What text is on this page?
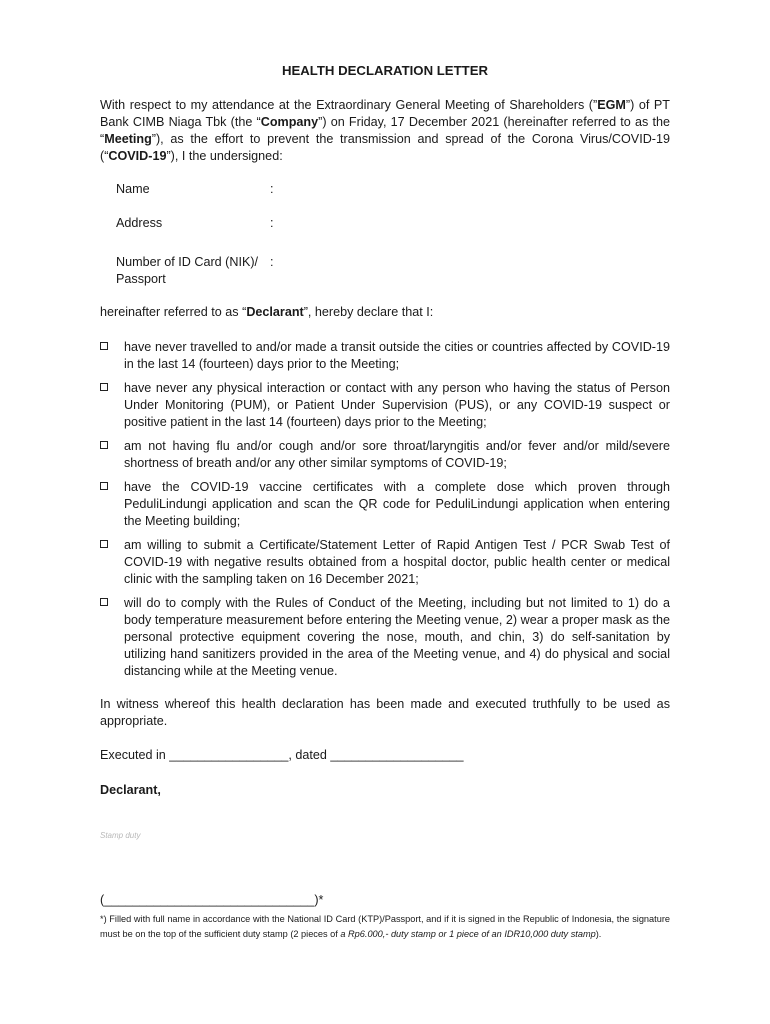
HEALTH DECLARATION LETTER
With respect to my attendance at the Extraordinary General Meeting of Shareholders (”EGM”) of PT Bank CIMB Niaga Tbk (the “Company”) on Friday, 17 December 2021 (hereinafter referred to as the “Meeting”), as the effort to prevent the transmission and spread of the Corona Virus/COVID-19 (“COVID-19”), I the undersigned:
Name	:
Address	:
Number of ID Card (NIK)/
Passport
:
hereinafter referred to as “Declarant”, hereby declare that I:
have never travelled to and/or made a transit outside the cities or countries affected by COVID-19 in the last 14 (fourteen) days prior to the Meeting;
have never any physical interaction or contact with any person who having the status of Person Under Monitoring (PUM), or Patient Under Supervision (PUS), or any COVID-19 suspect or positive patient in the last 14 (fourteen) days prior to the Meeting;
am not having flu and/or cough and/or sore throat/laryngitis and/or fever and/or mild/severe shortness of breath and/or any other similar symptoms of COVID-19;
have the COVID-19 vaccine certificates with a complete dose which proven through PeduliLindungi application and scan the QR code for PeduliLindungi application when entering the Meeting building;
am willing to submit a Certificate/Statement Letter of Rapid Antigen Test / PCR Swab Test of COVID-19 with negative results obtained from a hospital doctor, public health center or medical clinic with the sampling taken on 16 December 2021;
will do to comply with the Rules of Conduct of the Meeting, including but not limited to 1) do a body temperature measurement before entering the Meeting venue, 2) wear a proper mask as the personal protective equipment covering the nose, mouth, and chin, 3) do self-sanitation by utilizing hand sanitizers provided in the area of the Meeting venue, and 4) do physical and social distancing while at the Meeting venue.
In witness whereof this health declaration has been made and executed truthfully to be used as appropriate.
Executed in _________________, dated ___________________
Declarant,
Stamp duty
(______________________________)*
*) Filled with full name in accordance with the National ID Card (KTP)/Passport, and if it is signed in the Republic of Indonesia, the signature must be on the top of the sufficient duty stamp (2 pieces of a Rp6.000,- duty stamp or 1 piece of an IDR10,000 duty stamp).
